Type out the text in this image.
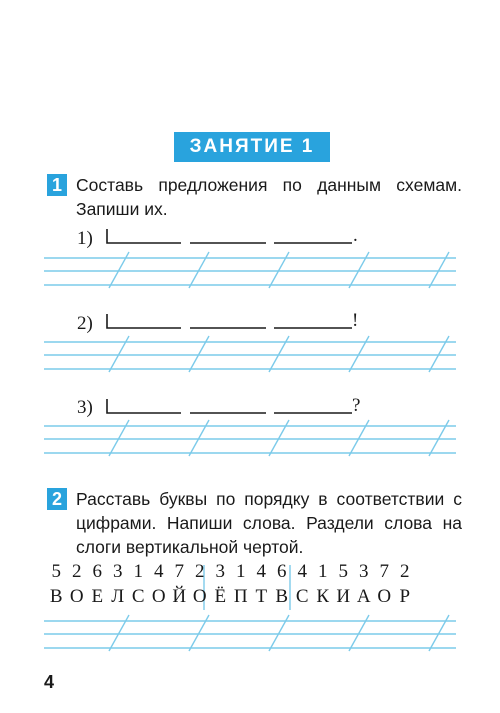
ЗАНЯТИЕ 1
1 Составь предложения по данным схемам. Запиши их.
1)
2)
3)
.
!
?
2 Расставь буквы по порядку в соответствии с цифрами. Напиши слова. Раздели слова на слоги вертикальной чертой.
5 2 6 3 1 4 7 2 3 1 4 6 4 1 5 3 7 2
В О Е Л С О Й О Ё П Т В С К И А О Р
4
